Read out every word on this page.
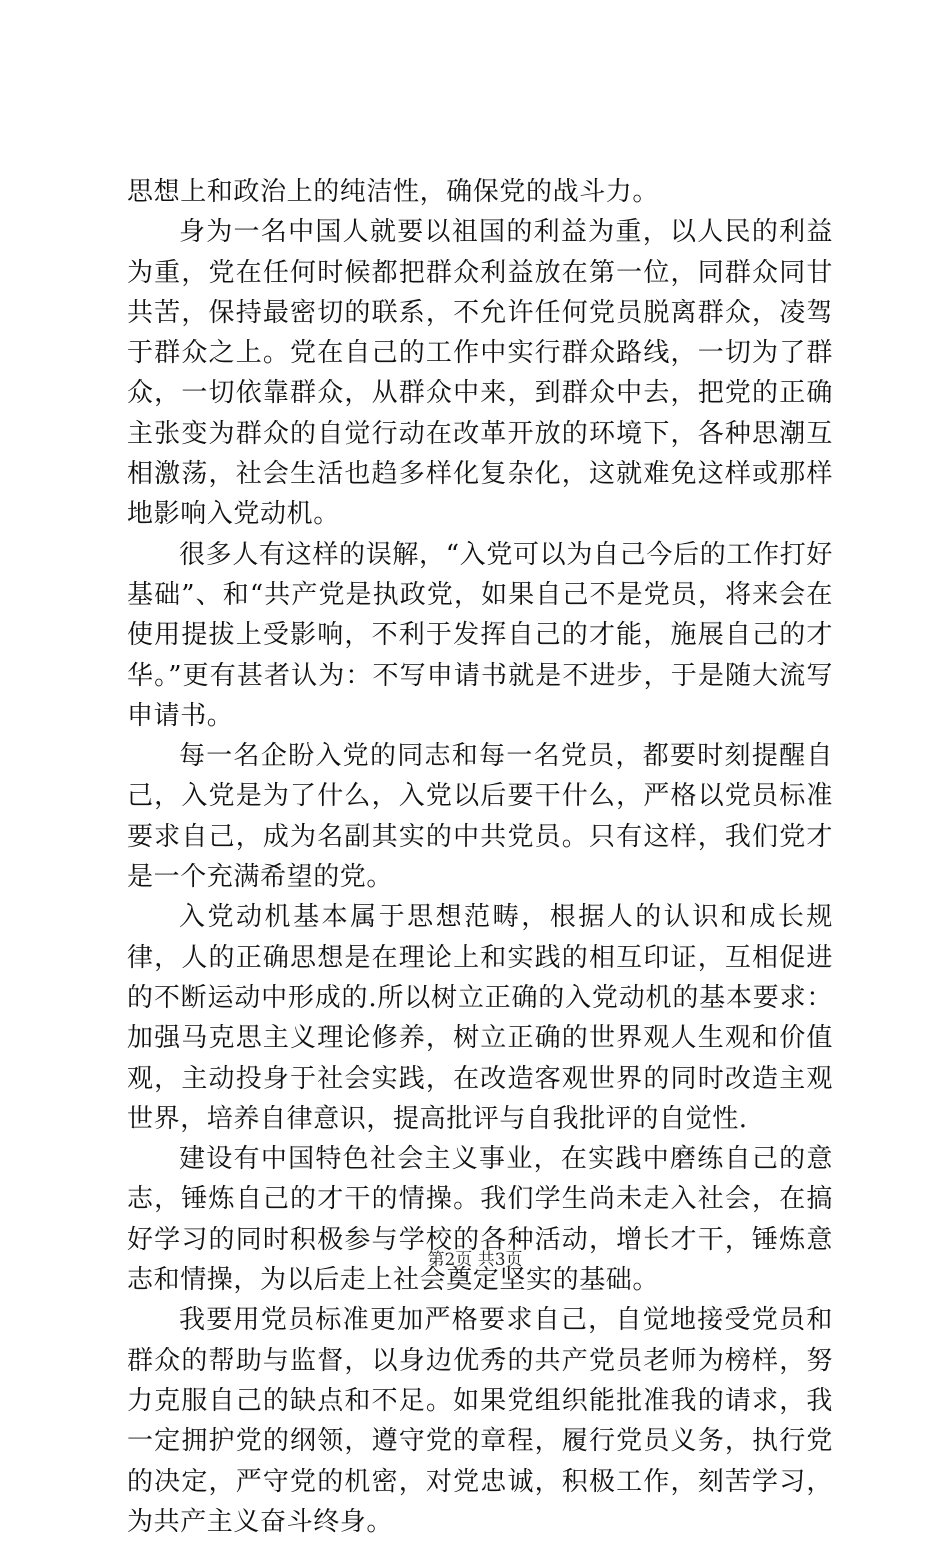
思想上和政治上的纯洁性，确保党的战斗力。

身为一名中国人就要以祖国的利益为重，以人民的利益为重，党在任何时候都把群众利益放在第一位，同群众同甘共苦，保持最密切的联系，不允许任何党员脱离群众，凌驾于群众之上。党在自己的工作中实行群众路线，一切为了群众，一切依靠群众，从群众中来，到群众中去，把党的正确主张变为群众的自觉行动在改革开放的环境下，各种思潮互相激荡，社会生活也趋多样化复杂化，这就难免这样或那样地影响入党动机。

很多人有这样的误解，“入党可以为自己今后的工作打好基础”、和“共产党是执政党，如果自己不是党员，将来会在使用提拔上受影响，不利于发挥自己的才能，施展自己的才华。”更有甚者认为：不写申请书就是不进步，于是随大流写申请书。

每一名企盼入党的同志和每一名党员，都要时刻提醒自己，入党是为了什么，入党以后要干什么，严格以党员标准要求自己，成为名副其实的中共党员。只有这样，我们党才是一个充满希望的党。

入党动机基本属于思想范畴，根据人的认识和成长规律，人的正确思想是在理论上和实践的相互印证，互相促进的不断运动中形成的.所以树立正确的入党动机的基本要求：加强马克思主义理论修养，树立正确的世界观人生观和价值观，主动投身于社会实践，在改造客观世界的同时改造主观世界，培养自律意识，提高批评与自我批评的自觉性.

建设有中国特色社会主义事业，在实践中磨练自己的意志，锤炼自己的才干的情操。我们学生尚未走入社会，在搞好学习的同时积极参与学校的各种活动，增长才干，锤炼意志和情操，为以后走上社会奠定坚实的基础。

我要用党员标准更加严格要求自己，自觉地接受党员和群众的帮助与监督，以身边优秀的共产党员老师为榜样，努力克服自己的缺点和不足。如果党组织能批准我的请求，我一定拥护党的纲领，遵守党的章程，履行党员义务，执行党的决定，严守党的机密，对党忠诚，积极工作，刻苦学习，为共产主义奋斗终身。

第2页 共3页
